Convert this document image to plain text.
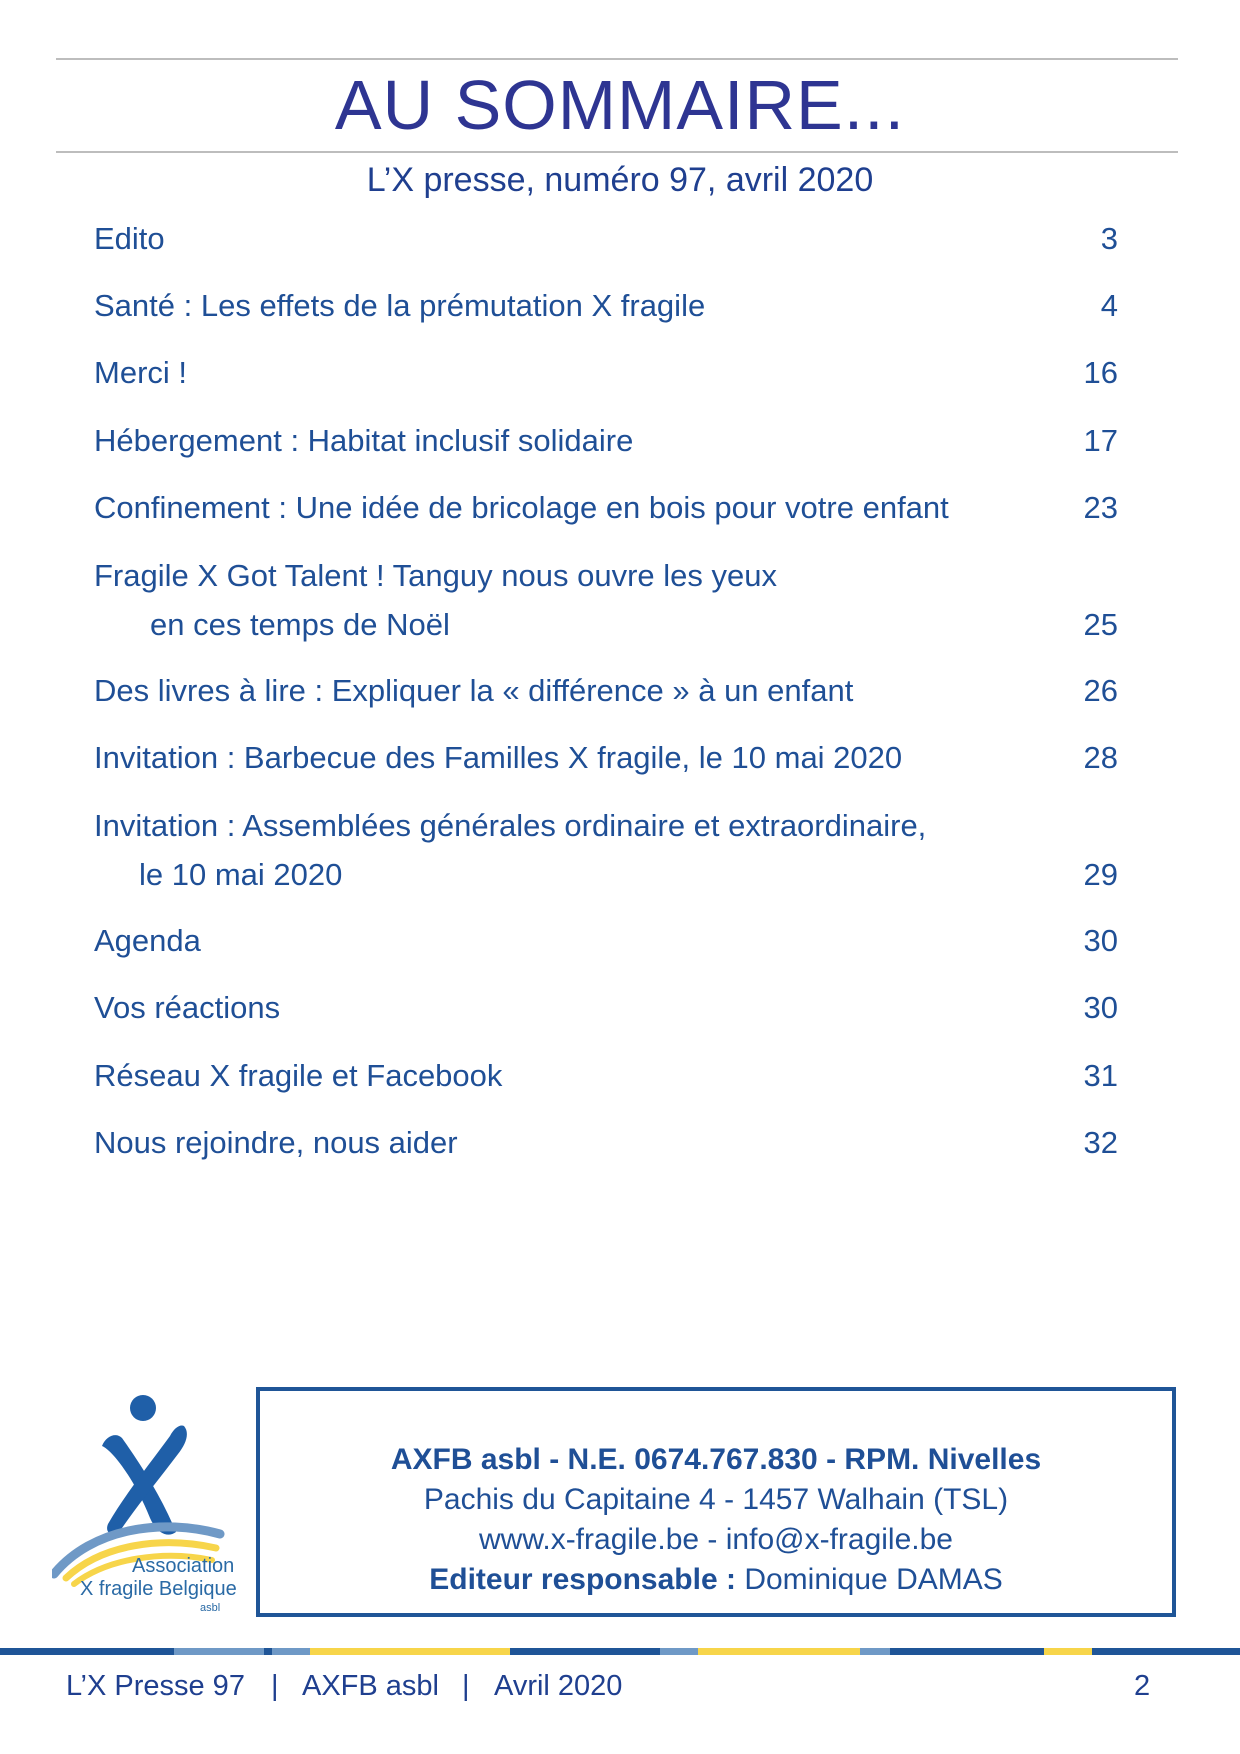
AU SOMMAIRE...
L’X presse, numéro 97, avril 2020
Edito	3
Santé : Les effets de la prémutation X fragile	4
Merci !	16
Hébergement : Habitat inclusif solidaire	17
Confinement : Une idée de bricolage en bois pour votre enfant	23
Fragile X Got Talent ! Tanguy nous ouvre les yeux
en ces temps de Noël	25
Des livres à lire : Expliquer la « différence » à un enfant	26
Invitation : Barbecue des Familles X fragile, le 10 mai 2020	28
Invitation : Assemblées générales ordinaire et extraordinaire,
le 10 mai 2020	29
Agenda	30
Vos réactions	30
Réseau X fragile et Facebook	31
Nous rejoindre, nous aider	32
Association
X fragile Belgique
asbl
AXFB asbl - N.E. 0674.767.830 - RPM. Nivelles
Pachis du Capitaine 4 - 1457 Walhain (TSL)
www.x-fragile.be - info@x-fragile.be
Editeur responsable : Dominique DAMAS
L’X Presse 97 | AXFB asbl | Avril 2020	2
